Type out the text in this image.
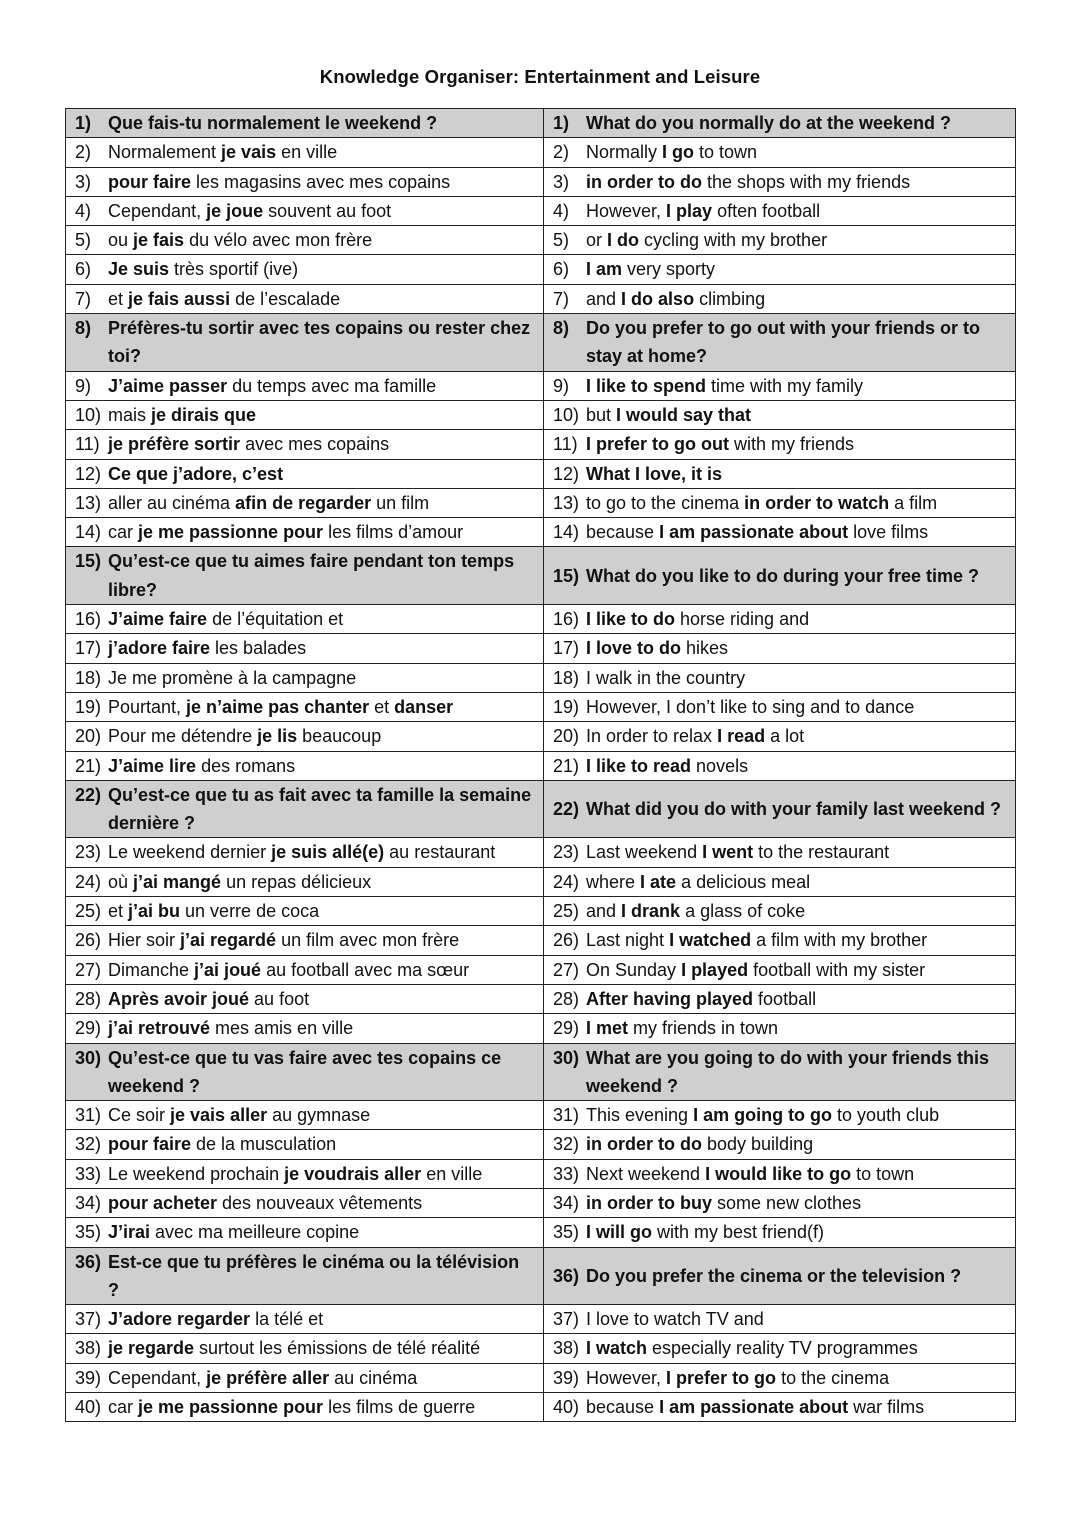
Knowledge Organiser: Entertainment and Leisure
1) Que fais-tu normalement le weekend ?	1) What do you normally do at the weekend ?

2) Normalement je vais en ville	2) Normally I go to town

3) pour faire les magasins avec mes copains	3) in order to do the shops with my friends

4) Cependant, je joue souvent au foot	4) However, I play often football

5) ou je fais du vélo avec mon frère	5) or I do cycling with my brother

6) Je suis très sportif (ive)	6) I am very sporty

7) et je fais aussi de l’escalade	7) and I do also climbing

8) Préfères-tu sortir avec tes copains ou rester chez toi?	8) Do you prefer to go out with your friends or to stay at home?

9) J’aime passer du temps avec ma famille	9) I like to spend time with my family

10) mais je dirais que	10) but I would say that

11) je préfère sortir avec mes copains	11) I prefer to go out with my friends

12) Ce que j’adore, c’est	12) What I love, it is

13) aller au cinéma afin de regarder un film	13) to go to the cinema in order to watch a film

14) car je me passionne pour les films d’amour	14) because I am passionate about love films

15) Qu’est-ce que tu aimes faire pendant ton temps libre?	15) What do you like to do during your free time ?

16) J’aime faire de l’équitation et	16) I like to do horse riding and

17) j’adore faire les balades	17) I love to do hikes

18) Je me promène à la campagne	18) I walk in the country

19) Pourtant, je n’aime pas chanter et danser	19) However, I don’t like to sing and to dance

20) Pour me détendre je lis beaucoup	20) In order to relax I read a lot

21) J’aime lire des romans	21) I like to read novels

22) Qu’est-ce que tu as fait avec ta famille la semaine dernière ?	22) What did you do with your family last weekend ?

23) Le weekend dernier je suis allé(e) au restaurant	23) Last weekend I went to the restaurant

24) où j’ai mangé un repas délicieux	24) where I ate a delicious meal

25) et j’ai bu un verre de coca	25) and I drank a glass of coke

26) Hier soir j’ai regardé un film avec mon frère	26) Last night I watched a film with my brother

27) Dimanche j’ai joué au football avec ma sœur	27) On Sunday I played football with my sister

28) Après avoir joué au foot	28) After having played football

29) j’ai retrouvé mes amis en ville	29) I met my friends in town

30) Qu’est-ce que tu vas faire avec tes copains ce weekend ?	30) What are you going to do with your friends this weekend ?

31) Ce soir je vais aller au gymnase	31) This evening I am going to go to youth club

32) pour faire de la musculation	32) in order to do body building

33) Le weekend prochain je voudrais aller en ville	33) Next weekend I would like to go to town

34) pour acheter des nouveaux vêtements	34) in order to buy some new clothes

35) J’irai avec ma meilleure copine	35) I will go with my best friend(f)

36) Est-ce que tu préfères le cinéma ou la télévision ?	36) Do you prefer the cinema or the television ?

37) J’adore regarder la télé et	37) I love to watch TV and

38) je regarde surtout les émissions de télé réalité	38) I watch especially reality TV programmes

39) Cependant, je préfère aller au cinéma	39) However, I prefer to go to the cinema

40) car je me passionne pour les films de guerre	40) because I am passionate about war films
